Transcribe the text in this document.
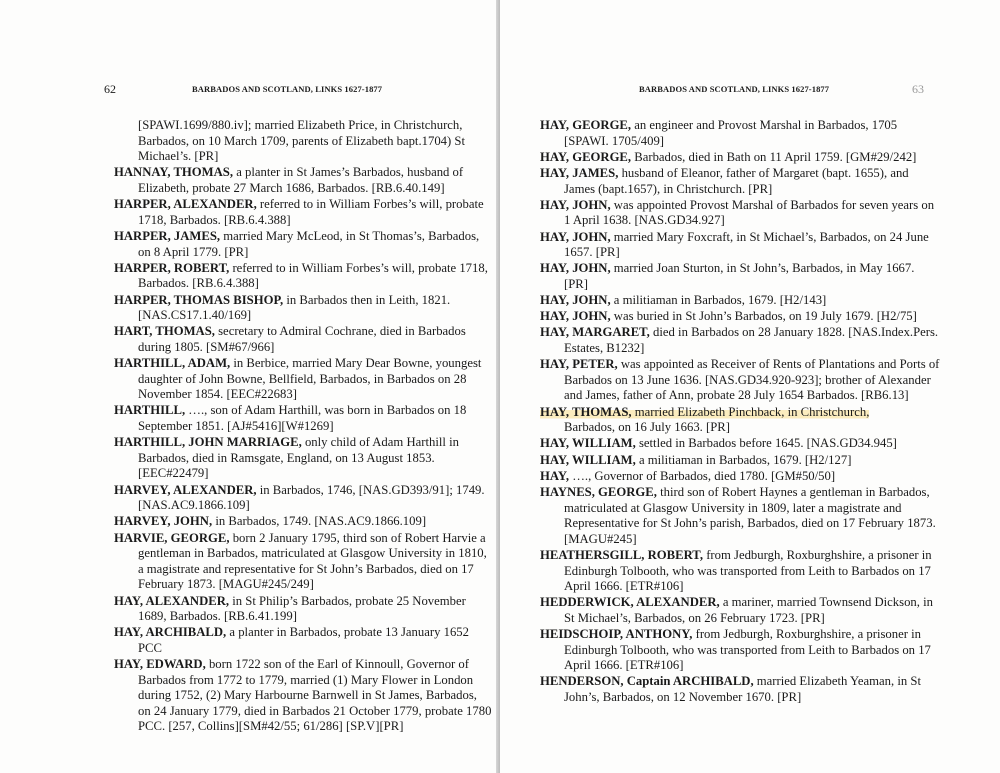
62	BARBADOS AND SCOTLAND, LINKS 1627-1877
[SPAWI.1699/880.iv]; married Elizabeth Price, in Christchurch, Barbados, on 10 March 1709, parents of Elizabeth bapt.1704) St Michael’s. [PR]
HANNAY, THOMAS, a planter in St James’s Barbados, husband of Elizabeth, probate 27 March 1686, Barbados. [RB.6.40.149]
HARPER, ALEXANDER, referred to in William Forbes’s will, probate 1718, Barbados. [RB.6.4.388]
HARPER, JAMES, married Mary McLeod, in St Thomas’s, Barbados, on 8 April 1779. [PR]
HARPER, ROBERT, referred to in William Forbes’s will, probate 1718, Barbados. [RB.6.4.388]
HARPER, THOMAS BISHOP, in Barbados then in Leith, 1821. [NAS.CS17.1.40/169]
HART, THOMAS, secretary to Admiral Cochrane, died in Barbados during 1805. [SM#67/966]
HARTHILL, ADAM, in Berbice, married Mary Dear Bowne, youngest daughter of John Bowne, Bellfield, Barbados, in Barbados on 28 November 1854. [EEC#22683]
HARTHILL, …., son of Adam Harthill, was born in Barbados on 18 September 1851. [AJ#5416][W#1269]
HARTHILL, JOHN MARRIAGE, only child of Adam Harthill in Barbados, died in Ramsgate, England, on 13 August 1853. [EEC#22479]
HARVEY, ALEXANDER, in Barbados, 1746, [NAS.GD393/91]; 1749. [NAS.AC9.1866.109]
HARVEY, JOHN, in Barbados, 1749. [NAS.AC9.1866.109]
HARVIE, GEORGE, born 2 January 1795, third son of Robert Harvie a gentleman in Barbados, matriculated at Glasgow University in 1810, a magistrate and representative for St John’s Barbados, died on 17 February 1873. [MAGU#245/249]
HAY, ALEXANDER, in St Philip’s Barbados, probate 25 November 1689, Barbados. [RB.6.41.199]
HAY, ARCHIBALD, a planter in Barbados, probate 13 January 1652 PCC
HAY, EDWARD, born 1722 son of the Earl of Kinnoull, Governor of Barbados from 1772 to 1779, married (1) Mary Flower in London during 1752, (2) Mary Harbourne Barnwell in St James, Barbados, on 24 January 1779, died in Barbados 21 October 1779, probate 1780 PCC. [257, Collins][SM#42/55; 61/286] [SP.V][PR]
BARBADOS AND SCOTLAND, LINKS 1627-1877	63
HAY, GEORGE, an engineer and Provost Marshal in Barbados, 1705 [SPAWI. 1705/409]
HAY, GEORGE, Barbados, died in Bath on 11 April 1759. [GM#29/242]
HAY, JAMES, husband of Eleanor, father of Margaret (bapt. 1655), and James (bapt.1657), in Christchurch. [PR]
HAY, JOHN, was appointed Provost Marshal of Barbados for seven years on 1 April 1638. [NAS.GD34.927]
HAY, JOHN, married Mary Foxcraft, in St Michael’s, Barbados, on 24 June 1657. [PR]
HAY, JOHN, married Joan Sturton, in St John’s, Barbados, in May 1667. [PR]
HAY, JOHN, a militiaman in Barbados, 1679. [H2/143]
HAY, JOHN, was buried in St John’s Barbados, on 19 July 1679. [H2/75]
HAY, MARGARET, died in Barbados on 28 January 1828. [NAS.Index.Pers. Estates, B1232]
HAY, PETER, was appointed as Receiver of Rents of Plantations and Ports of Barbados on 13 June 1636. [NAS.GD34.920-923]; brother of Alexander and James, father of Ann, probate 28 July 1654 Barbados. [RB6.13]
HAY, THOMAS, married Elizabeth Pinchback, in Christchurch,
Barbados, on 16 July 1663. [PR]
HAY, WILLIAM, settled in Barbados before 1645. [NAS.GD34.945]
HAY, WILLIAM, a militiaman in Barbados, 1679. [H2/127]
HAY, …., Governor of Barbados, died 1780. [GM#50/50]
HAYNES, GEORGE, third son of Robert Haynes a gentleman in Barbados, matriculated at Glasgow University in 1809, later a magistrate and Representative for St John’s parish, Barbados, died on 17 February 1873. [MAGU#245]
HEATHERSGILL, ROBERT, from Jedburgh, Roxburghshire, a prisoner in Edinburgh Tolbooth, who was transported from Leith to Barbados on 17 April 1666. [ETR#106]
HEDDERWICK, ALEXANDER, a mariner, married Townsend Dickson, in St Michael’s, Barbados, on 26 February 1723. [PR]
HEIDSCHOIP, ANTHONY, from Jedburgh, Roxburghshire, a prisoner in Edinburgh Tolbooth, who was transported from Leith to Barbados on 17 April 1666. [ETR#106]
HENDERSON, Captain ARCHIBALD, married Elizabeth Yeaman, in St John’s, Barbados, on 12 November 1670. [PR]
